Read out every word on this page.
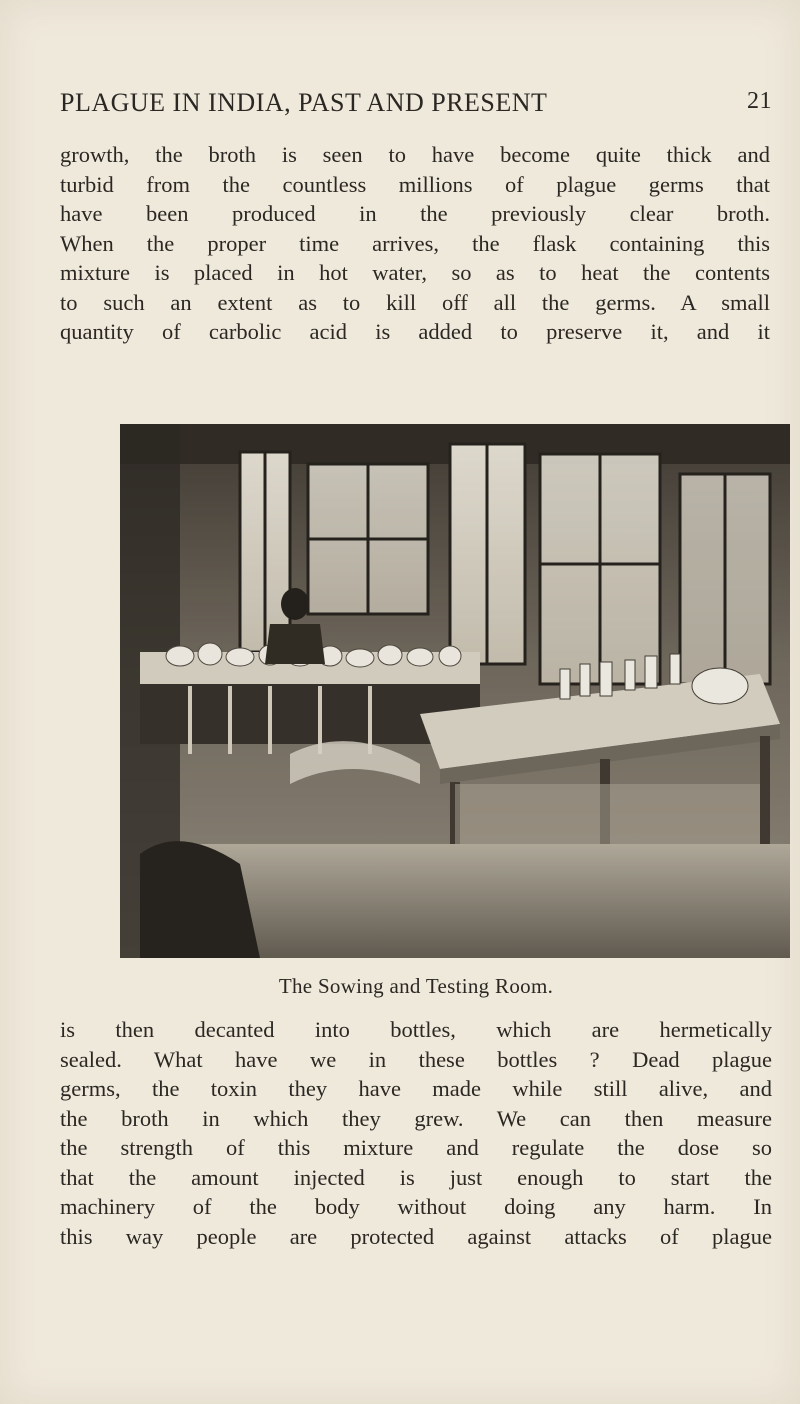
PLAGUE IN INDIA, PAST AND PRESENT	21
growth, the broth is seen to have become quite thick and
turbid from the countless millions of plague germs that
have been produced in the previously clear broth.
When the proper time arrives, the flask containing this
mixture is placed in hot water, so as to heat the contents
to such an extent as to kill off all the germs. A small
quantity of carbolic acid is added to preserve it, and it
The Sowing and Testing Room.
is then decanted into bottles, which are hermetically
sealed. What have we in these bottles ? Dead plague
germs, the toxin they have made while still alive, and
the broth in which they grew. We can then measure
the strength of this mixture and regulate the dose so
that the amount injected is just enough to start the
machinery of the body without doing any harm. In
this way people are protected against attacks of plague
